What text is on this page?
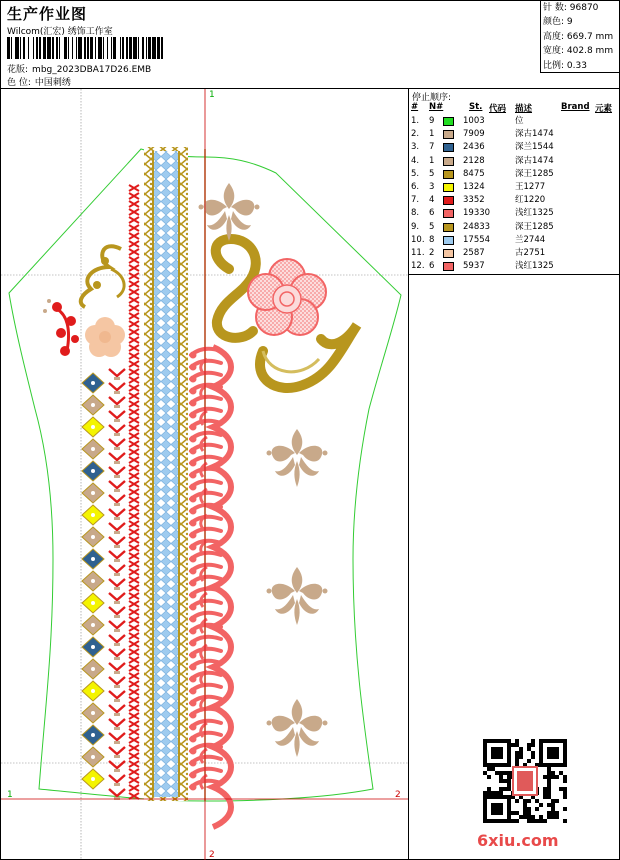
生产作业图
Wilcom(汇宏) 绣饰工作室
花版: mbg_2023DBA17D26.EMB
色 位: 中国刺绣
针 数: 96870
颜色: 9
高度: 669.7 mm
宽度: 402.8 mm
比例: 0.33
1
2
1	2
停止顺序:
# N#	St. 代码 描述	Brand 元素
1. 9	1003	位
2. 1	7909	深古1474
3. 7	2436	深兰1544
4. 1	2128	深古1474
5. 5	8475	深王1285
6. 3	1324	王1277
7. 4	3352	红1220
8. 6	19330	浅红1325
9. 5	24833	深王1285
10. 8	17554	兰2744
11. 2	2587	古2751
12. 6	5937	浅红1325
6xiu.com
